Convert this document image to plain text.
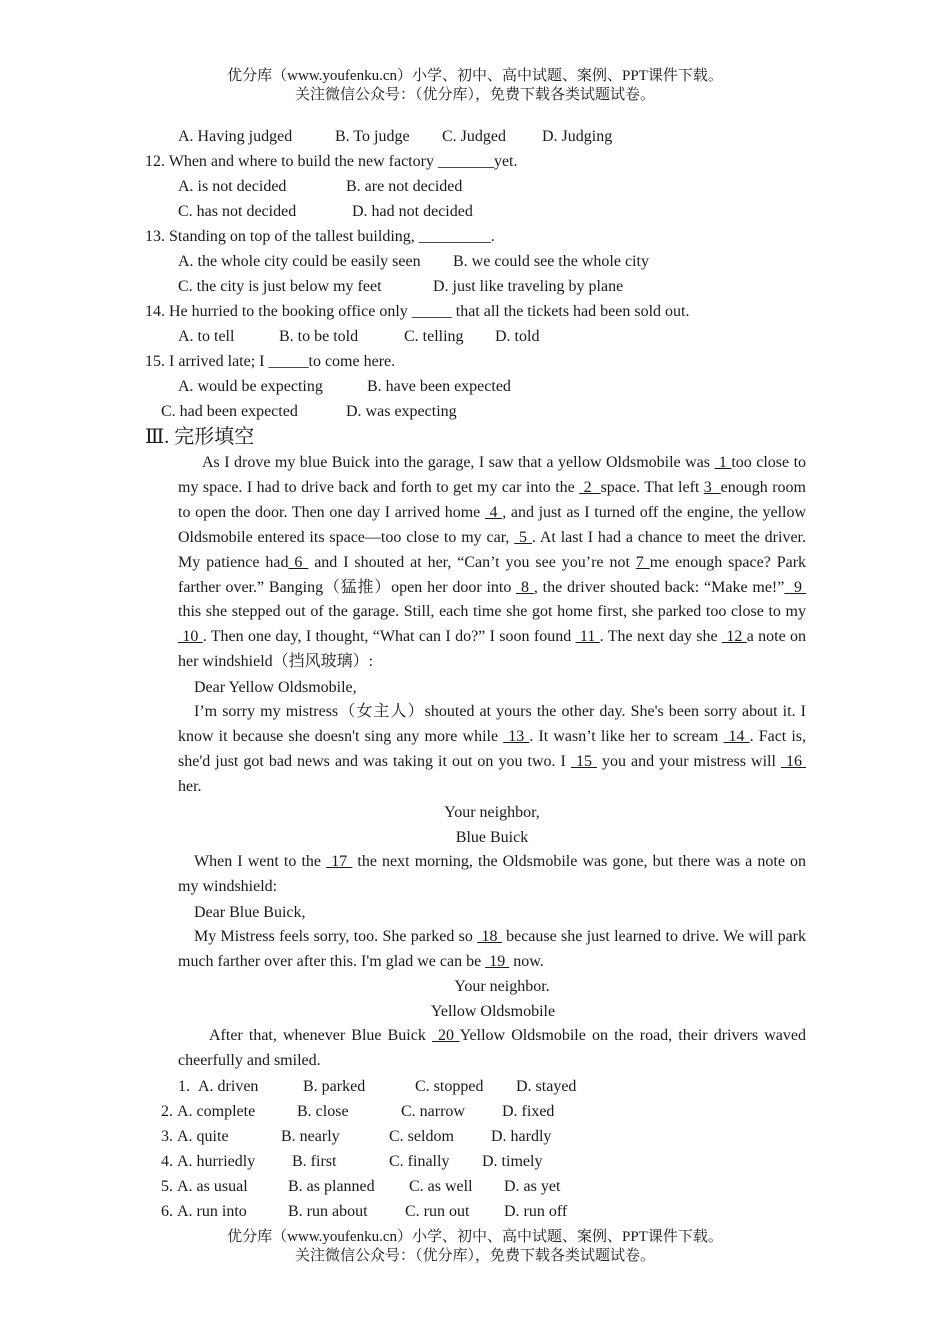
优分库（www.youfenku.cn）小学、初中、高中试题、案例、PPT课件下载。
关注微信公众号：（优分库），免费下载各类试题试卷。
A. Having judged	B. To judge C. Judged D. Judging
12. When and where to build the new factory _______yet.
A. is not decided	B. are not decided
C. has not decided	D. had not decided
13. Standing on top of the tallest building, _________.
A. the whole city could be easily seen B. we could see the whole city
C. the city is just below my feet	D. just like traveling by plane
14. He hurried to the booking office only _____ that all the tickets had been sold out.
A. to tell	B. to be told	C. telling D. told
15. I arrived late; I _____to come here.
A. would be expecting	B. have been expected
C. had been expected	D. was expecting
Ⅲ. 完形填空
As I drove my blue Buick into the garage, I saw that a yellow Oldsmobile was  1 too close to my space. I had to drive back and forth to get my car into the  2  space. That left 3  enough room to open the door. Then one day I arrived home  4 , and just as I turned off the engine, the yellow Oldsmobile entered its space—too close to my car,  5 . At last I had a chance to meet the driver. My patience had 6  and I shouted at her, “Can’t you see you’re not 7 me enough space? Park farther over.” Banging（猛推）open her door into  8 , the driver shouted back: “Make me!”  9  this she stepped out of the garage. Still, each time she got home first, she parked too close to my  10 . Then one day, I thought, “What can I do?” I soon found  11 . The next day she  12 a note on her windshield（挡风玻璃）:
Dear Yellow Oldsmobile,
I’m sorry my mistress（女主人）shouted at yours the other day. She's been sorry about it. I know it because she doesn't sing any more while  13 . It wasn’t like her to scream  14 . Fact is, she'd just got bad news and was taking it out on you two. I  15  you and your mistress will  16  her.
Your neighbor,
Blue Buick
When I went to the  17  the next morning, the Oldsmobile was gone, but there was a note on my windshield:
Dear Blue Buick,
My Mistress feels sorry, too. She parked so  18  because she just learned to drive. We will park much farther over after this. I'm glad we can be  19  now.
Your neighbor.
Yellow Oldsmobile
After that, whenever Blue Buick  20 Yellow Oldsmobile on the road, their drivers waved cheerfully and smiled.
1. A. driven	B. parked	C. stopped D. stayed
2. A. complete	B. close	C. narrow D. fixed
3. A. quite	B. nearly	C. seldom D. hardly
4. A. hurriedly B. first	C. finally D. timely
5. A. as usual	B. as planned C. as well D. as yet
6. A. run into	B. run about C. run out D. run off
优分库（www.youfenku.cn）小学、初中、高中试题、案例、PPT课件下载。
关注微信公众号：（优分库），免费下载各类试题试卷。
